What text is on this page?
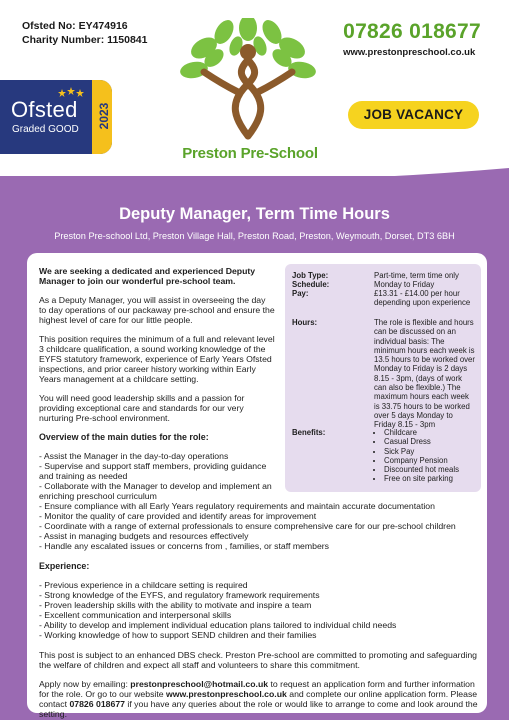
Ofsted No: EY474916
Charity Number: 1150841	07826 018677
www.prestonpreschool.co.uk
Ofsted
Graded GOOD
2023
Preston Pre-School
JOB VACANCY
Deputy Manager, Term Time Hours
Preston Pre-school Ltd, Preston Village Hall, Preston Road, Preston, Weymouth, Dorset, DT3 6BH
Job Type:	Part-time, term time only
Schedule:	Monday to Friday
Pay:	£13.31 - £14.00 per hour depending upon experience
Hours:	The role is flexible and hours can be discussed on an individual basis: The minimum hours each week is 13.5 hours to be worked over Monday to Friday is 2 days 8.15 - 3pm, (days of work can also be flexible.) The maximum hours each week is 33.75 hours to be worked over 5 days Monday to Friday 8.15 - 3pm
Benefits:
•	Childcare
• Casual Dress
• Sick Pay
• Company Pension
• Discounted hot meals
• Free on site parking

We are seeking a dedicated and experienced Deputy Manager to join our wonderful pre-school team.

As a Deputy Manager, you will assist in overseeing the day to day operations of our packaway pre-school and ensure the highest level of care for our little people.

This position requires the minimum of a full and relevant level 3 childcare qualification, a sound working knowledge of the EYFS statutory framework, experience of Early Years Ofsted inspections, and prior career history working within Early Years management at a childcare setting.

You will need good leadership skills and a passion for providing exceptional care and standards for our very nurturing Pre-school environment.

Overview of the main duties for the role:
- Assist the Manager in the day-to-day operations
- Supervise and support staff members, providing guidance and training as needed
- Collaborate with the Manager to develop and implement an enriching preschool curriculum
- Ensure compliance with all Early Years regulatory requirements and maintain accurate documentation
- Monitor the quality of care provided and identify areas for improvement
- Coordinate with a range of external professionals to ensure comprehensive care for our pre-school children
- Assist in managing budgets and resources effectively
- Handle any escalated issues or concerns from , families, or staff members
Experience:
- Previous experience in a childcare setting is required
- Strong knowledge of the EYFS, and regulatory framework requirements
- Proven leadership skills with the ability to motivate and inspire a team
- Excellent communication and interpersonal skills
- Ability to develop and implement individual education plans tailored to individual child needs
- Working knowledge of how to support SEND children and their families

This post is subject to an enhanced DBS check. Preston Pre-school are committed to promoting and safeguarding the welfare of children and expect all staff and volunteers to share this commitment.

Apply now by emailing: prestonpreschool@hotmail.co.uk to request an application form and further information for the role. Or go to our website www.prestonpreschool.co.uk and complete our online application form. Please contact 07826 018677 if you have any queries about the role or would like to arrange to come and look around the setting.
